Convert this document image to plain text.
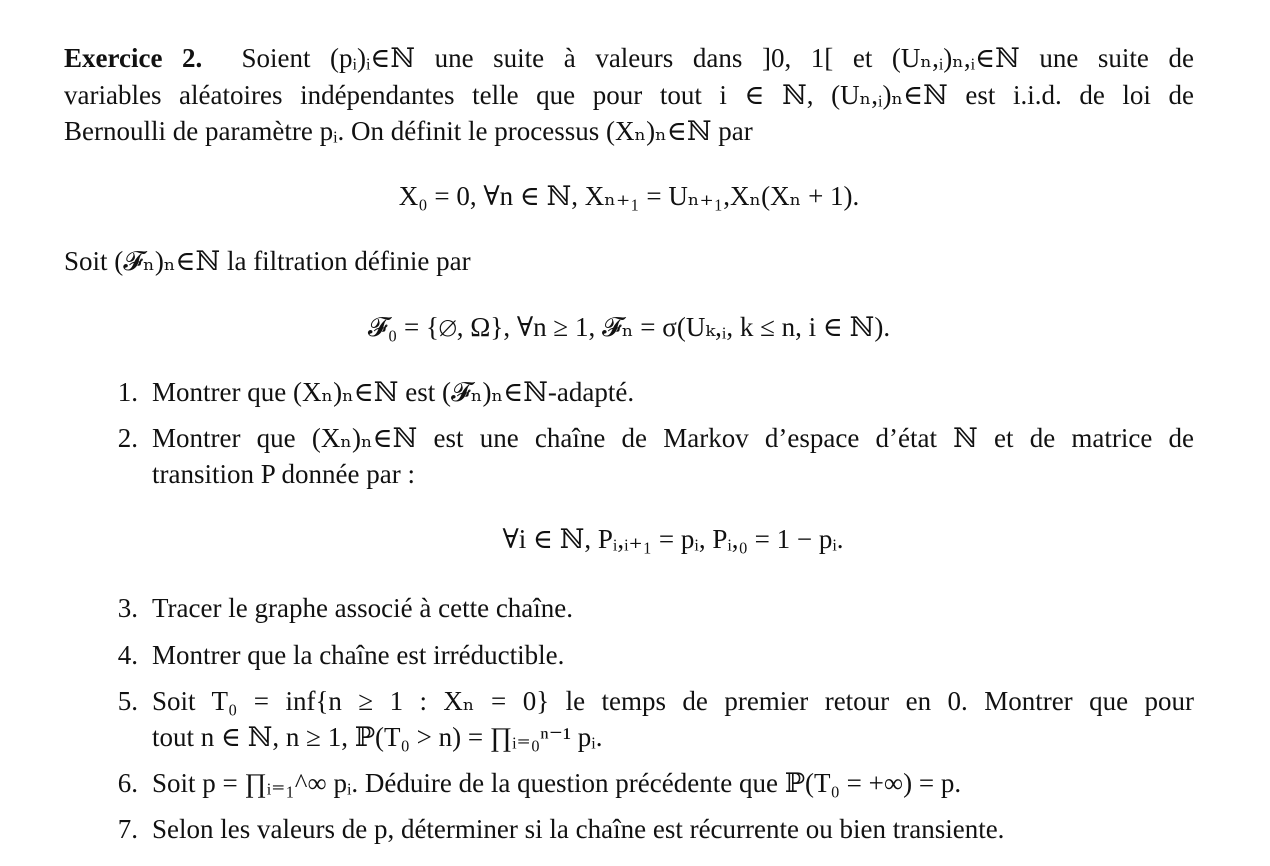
Exercice 2. Soient (pᵢ)ᵢ∈ℕ une suite à valeurs dans ]0, 1[ et (Uₙ,ᵢ)ₙ,ᵢ∈ℕ une suite de
variables aléatoires indépendantes telle que pour tout i ∈ ℕ, (Uₙ,ᵢ)ₙ∈ℕ est i.i.d. de loi de
Bernoulli de paramètre pᵢ. On définit le processus (Xₙ)ₙ∈ℕ par
X₀ = 0, ∀n ∈ ℕ, Xₙ₊₁ = Uₙ₊₁,Xₙ(Xₙ + 1).
Soit (𝓕ₙ)ₙ∈ℕ la filtration définie par
𝓕₀ = {∅, Ω}, ∀n ≥ 1, 𝓕ₙ = σ(Uₖ,ᵢ, k ≤ n, i ∈ ℕ).
1. Montrer que (Xₙ)ₙ∈ℕ est (𝓕ₙ)ₙ∈ℕ-adapté.
2. Montrer que (Xₙ)ₙ∈ℕ est une chaîne de Markov d’espace d’état ℕ et de matrice de
transition P donnée par :
∀i ∈ ℕ, Pᵢ,ᵢ₊₁ = pᵢ, Pᵢ,₀ = 1 − pᵢ.
3. Tracer le graphe associé à cette chaîne.
4. Montrer que la chaîne est irréductible.
5. Soit T₀ = inf{n ≥ 1 : Xₙ = 0} le temps de premier retour en 0. Montrer que pour
tout n ∈ ℕ, n ≥ 1, ℙ(T₀ > n) = ∏ᵢ₌₀ⁿ⁻¹ pᵢ.
6. Soit p = ∏ᵢ₌₁^∞ pᵢ. Déduire de la question précédente que ℙ(T₀ = +∞) = p.
7. Selon les valeurs de p, déterminer si la chaîne est récurrente ou bien transiente.
